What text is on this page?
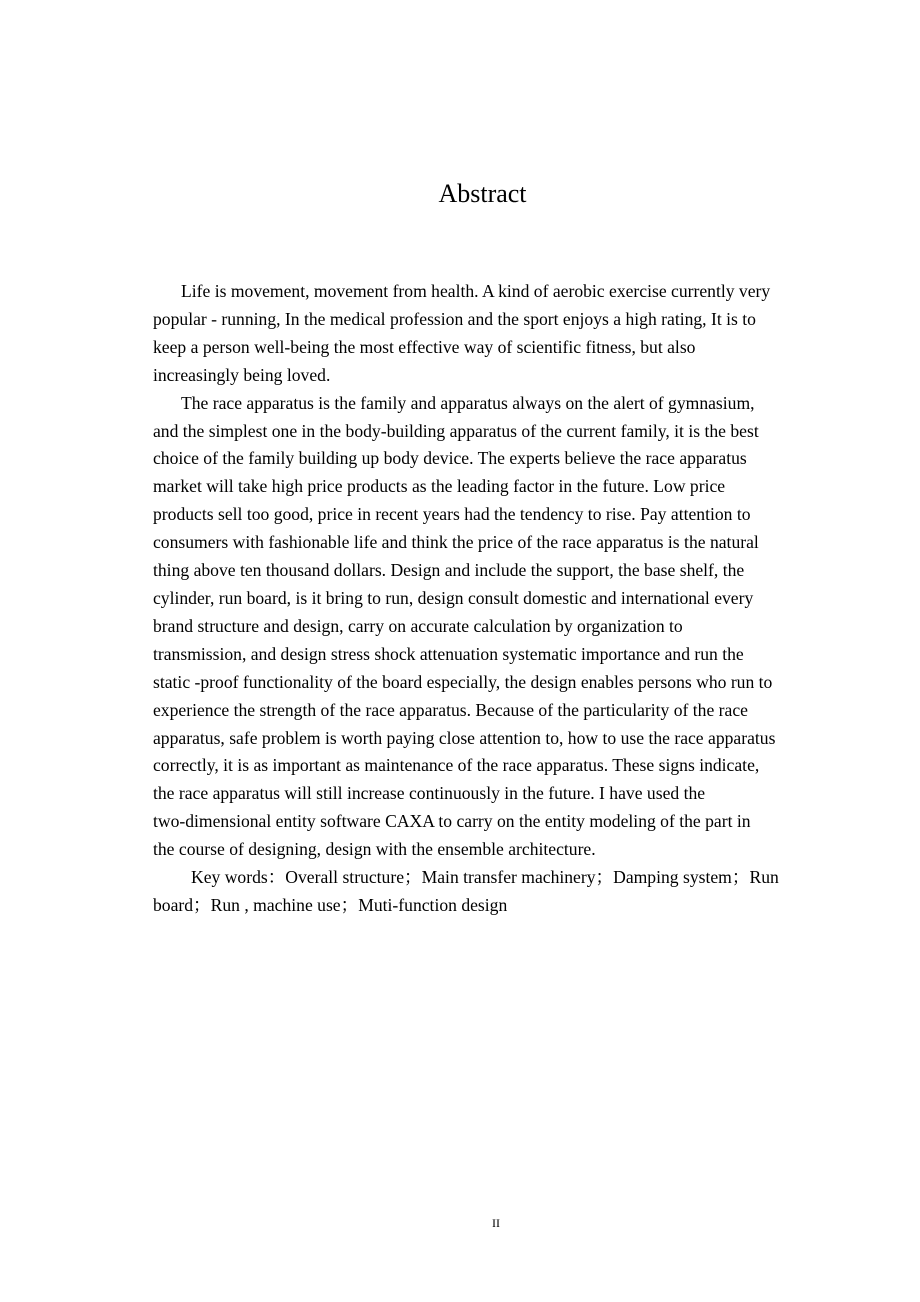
Abstract
Life is movement, movement from health. A kind of aerobic exercise currently very
popular - running, In the medical profession and the sport enjoys a high rating, It is to
keep a person well-being the most effective way of scientific fitness, but also
increasingly being loved.
The race apparatus is the family and apparatus always on the alert of gymnasium,
and the simplest one in the body-building apparatus of the current family, it is the best
choice of the family building up body device. The experts believe the race apparatus
market will take high price products as the leading factor in the future. Low price
products sell too good, price in recent years had the tendency to rise. Pay attention to
consumers with fashionable life and think the price of the race apparatus is the natural
thing above ten thousand dollars. Design and include the support, the base shelf, the
cylinder, run board, is it bring to run, design consult domestic and international every
brand structure and design, carry on accurate calculation by organization to
transmission, and design stress shock attenuation systematic importance and run the
static -proof functionality of the board especially, the design enables persons who run to
experience the strength of the race apparatus. Because of the particularity of the race
apparatus, safe problem is worth paying close attention to, how to use the race apparatus
correctly, it is as important as maintenance of the race apparatus. These signs indicate,
the race apparatus will still increase continuously in the future. I have used the
two-dimensional entity software CAXA to carry on the entity modeling of the part in
the course of designing, design with the ensemble architecture.
Key words：Overall structure；Main transfer machinery；Damping system；Run
board；Run , machine use；Muti-function design
II
